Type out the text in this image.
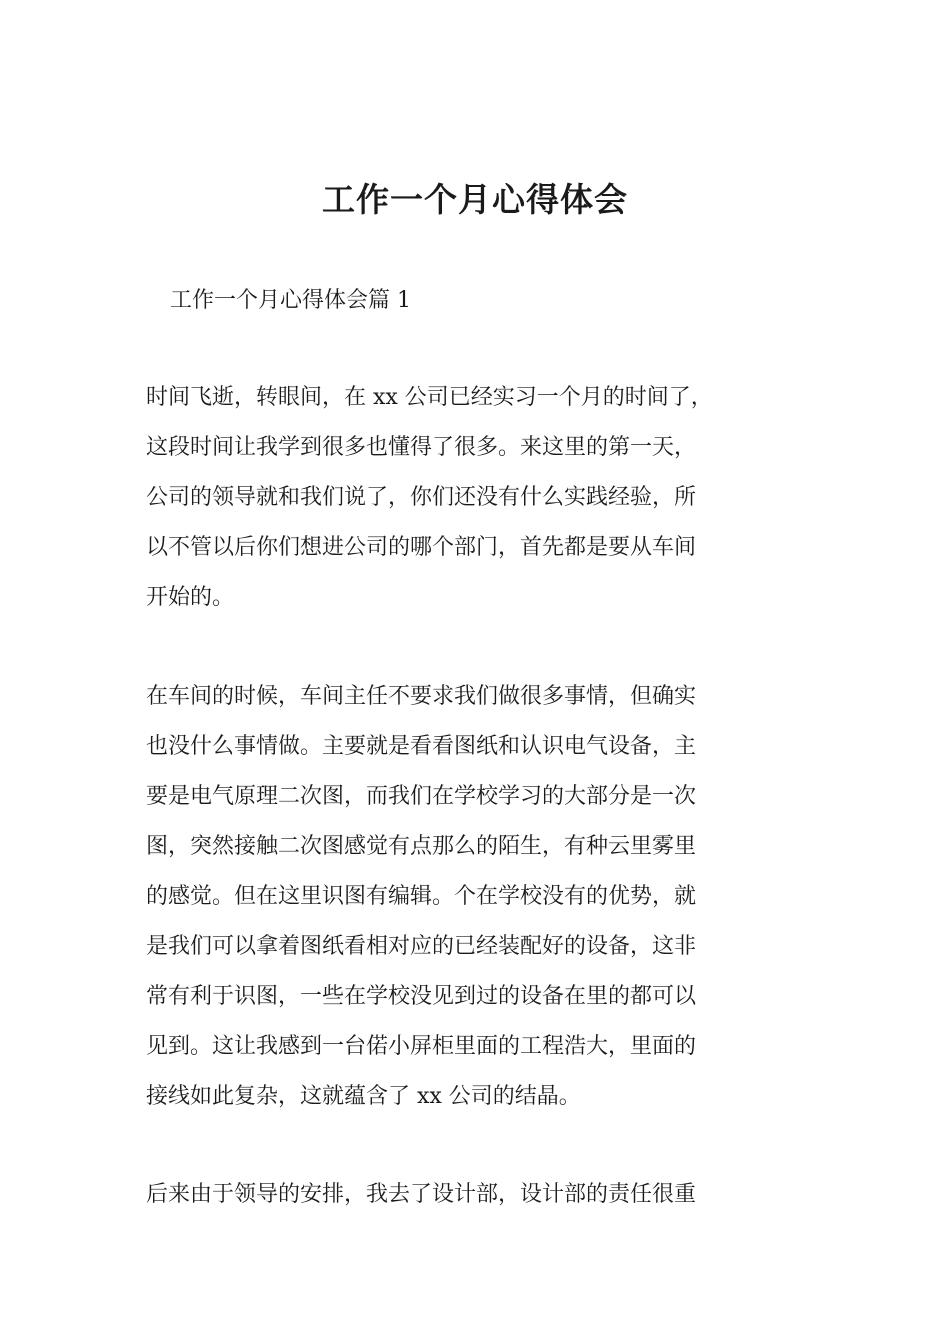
工作一个月心得体会
工作一个月心得体会篇 1
时间飞逝，转眼间，在 xx 公司已经实习一个月的时间了，
这段时间让我学到很多也懂得了很多。来这里的第一天，
公司的领导就和我们说了，你们还没有什么实践经验，所
以不管以后你们想进公司的哪个部门，首先都是要从车间
开始的。
在车间的时候，车间主任不要求我们做很多事情，但确实
也没什么事情做。主要就是看看图纸和认识电气设备，主
要是电气原理二次图，而我们在学校学习的大部分是一次
图，突然接触二次图感觉有点那么的陌生，有种云里雾里
的感觉。但在这里识图有编辑。个在学校没有的优势，就
是我们可以拿着图纸看相对应的已经装配好的设备，这非
常有利于识图，一些在学校没见到过的设备在里的都可以
见到。这让我感到一台偌小屏柜里面的工程浩大，里面的
接线如此复杂，这就蕴含了 xx 公司的结晶。
后来由于领导的安排，我去了设计部，设计部的责任很重
